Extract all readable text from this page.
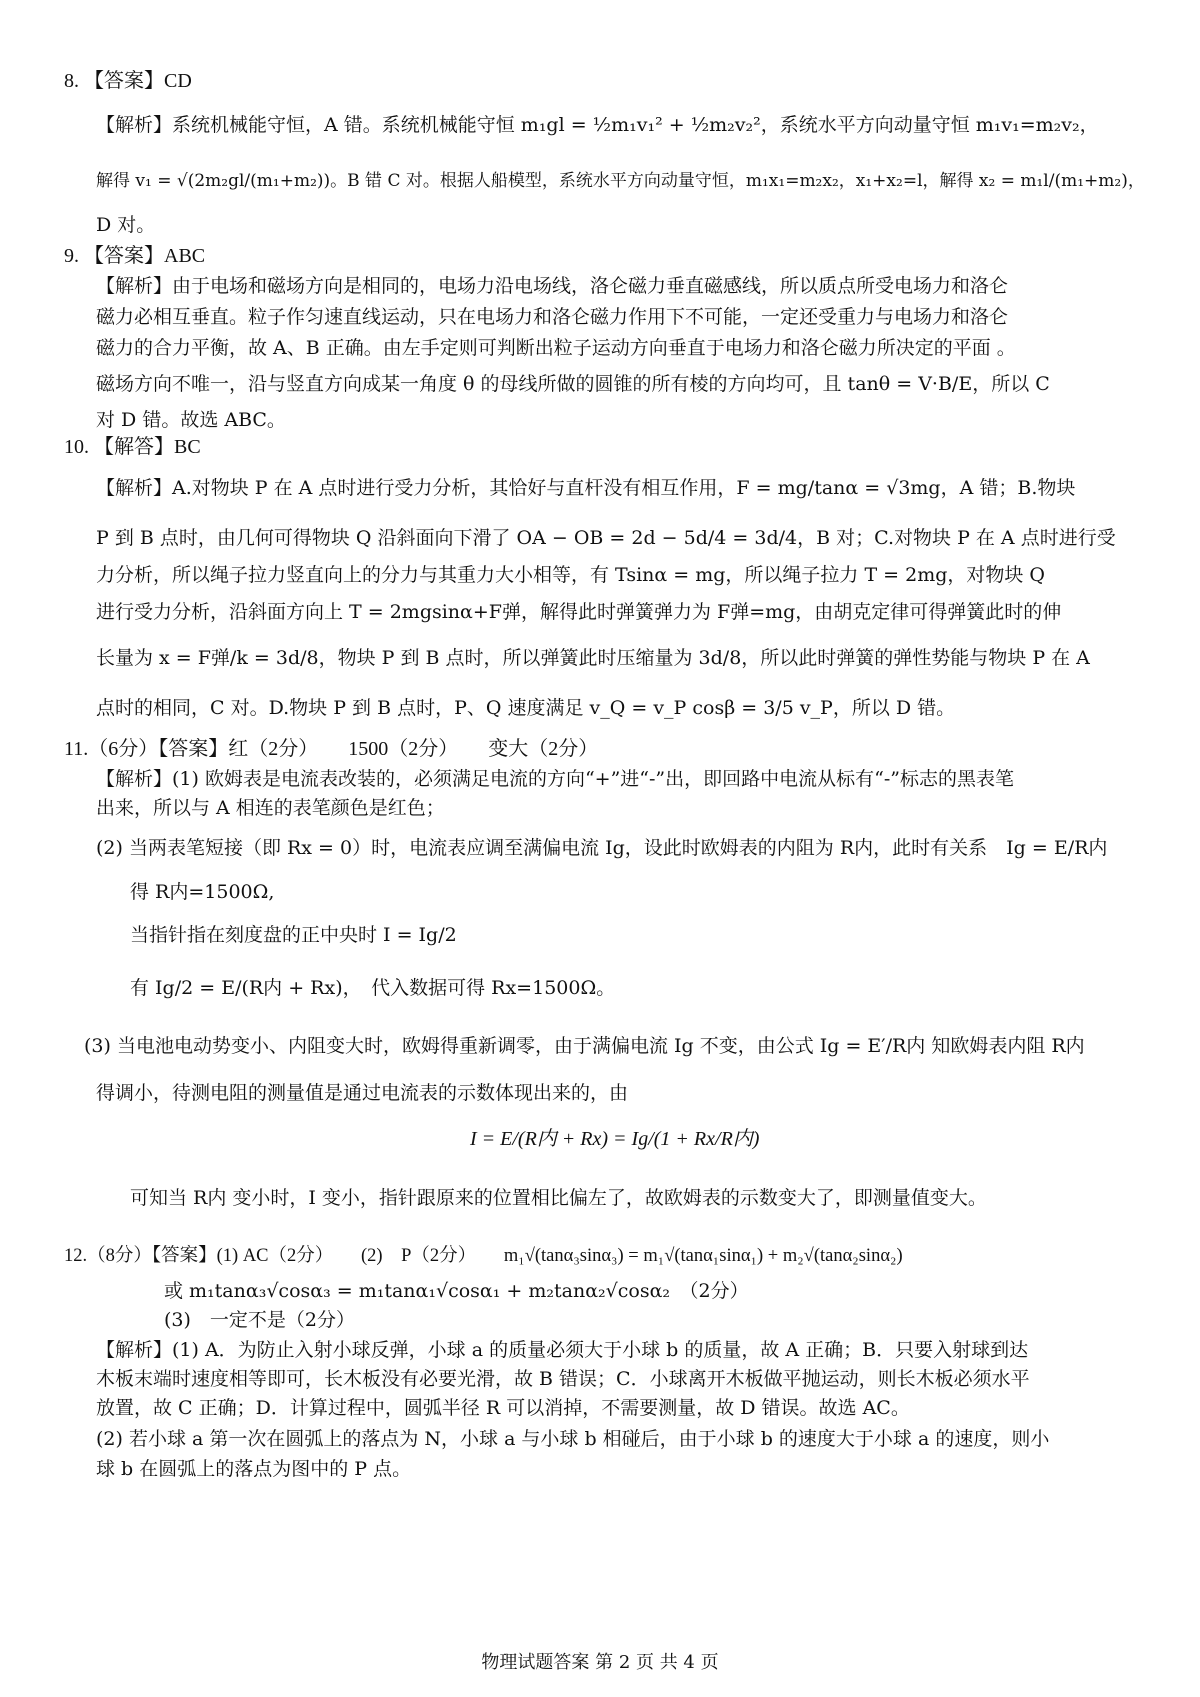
8. 【答案】CD
【解析】系统机械能守恒，A 错。系统机械能守恒 m₁gl = ½m₁v₁² + ½m₂v₂²，系统水平方向动量守恒 m₁v₁=m₂v₂，
解得 v₁ = √(2m₂gl/(m₁+m₂))。B 错 C 对。根据人船模型，系统水平方向动量守恒，m₁x₁=m₂x₂，x₁+x₂=l，解得 x₂ = m₁l/(m₁+m₂)，
D 对。
9. 【答案】ABC
【解析】由于电场和磁场方向是相同的，电场力沿电场线，洛仑磁力垂直磁感线，所以质点所受电场力和洛仑
磁力必相互垂直。粒子作匀速直线运动，只在电场力和洛仑磁力作用下不可能，一定还受重力与电场力和洛仑
磁力的合力平衡，故 A、B 正确。由左手定则可判断出粒子运动方向垂直于电场力和洛仑磁力所决定的平面 。
磁场方向不唯一，沿与竖直方向成某一角度 θ 的母线所做的圆锥的所有棱的方向均可，且 tanθ = V·B/E，所以 C
对 D 错。故选 ABC。
10. 【解答】BC
【解析】A.对物块 P 在 A 点时进行受力分析，其恰好与直杆没有相互作用，F = mg/tanα = √3mg，A 错；B.物块
P 到 B 点时，由几何可得物块 Q 沿斜面向下滑了 OA − OB = 2d − 5d/4 = 3d/4，B 对；C.对物块 P 在 A 点时进行受
力分析，所以绳子拉力竖直向上的分力与其重力大小相等，有 Tsinα = mg，所以绳子拉力 T = 2mg，对物块 Q
进行受力分析，沿斜面方向上 T = 2mgsinα+F弹，解得此时弹簧弹力为 F弹=mg，由胡克定律可得弹簧此时的伸
长量为 x = F弹/k = 3d/8，物块 P 到 B 点时，所以弹簧此时压缩量为 3d/8，所以此时弹簧的弹性势能与物块 P 在 A
点时的相同，C 对。D.物块 P 到 B 点时，P、Q 速度满足 v_Q = v_P cosβ = 3/5 v_P，所以 D 错。
11.（6分）【答案】红（2分）　　1500（2分）　　变大（2分）
【解析】(1) 欧姆表是电流表改装的，必须满足电流的方向“+”进“-”出，即回路中电流从标有“-”标志的黑表笔
出来，所以与 A 相连的表笔颜色是红色；
(2) 当两表笔短接（即 Rx = 0）时，电流表应调至满偏电流 Ig，设此时欧姆表的内阻为 R内，此时有关系　Ig = E/R内
得 R内=1500Ω,
当指针指在刻度盘的正中央时 I = Ig/2
有 Ig/2 = E/(R内 + Rx)，　代入数据可得 Rx=1500Ω。
(3) 当电池电动势变小、内阻变大时，欧姆得重新调零，由于满偏电流 Ig 不变，由公式 Ig = E′/R内 知欧姆表内阻 R内
得调小，待测电阻的测量值是通过电流表的示数体现出来的，由
I = E/(R内 + Rx) = Ig/(1 + Rx/R内)
可知当 R内 变小时，I 变小，指针跟原来的位置相比偏左了，故欧姆表的示数变大了，即测量值变大。
12.（8分）【答案】(1) AC（2分）　　(2)　P（2分）　　m₁√(tanα₃sinα₃) = m₁√(tanα₁sinα₁) + m₂√(tanα₂sinα₂)
或 m₁tanα₃√cosα₃ = m₁tanα₁√cosα₁ + m₂tanα₂√cosα₂　（2分）
(3)　一定不是（2分）
【解析】(1) A．为防止入射小球反弹，小球 a 的质量必须大于小球 b 的质量，故 A 正确；B．只要入射球到达
木板末端时速度相等即可，长木板没有必要光滑，故 B 错误；C．小球离开木板做平抛运动，则长木板必须水平
放置，故 C 正确；D．计算过程中，圆弧半径 R 可以消掉，不需要测量，故 D 错误。故选 AC。
(2) 若小球 a 第一次在圆弧上的落点为 N，小球 a 与小球 b 相碰后，由于小球 b 的速度大于小球 a 的速度，则小
球 b 在圆弧上的落点为图中的 P 点。
物理试题答案 第 2 页 共 4 页
